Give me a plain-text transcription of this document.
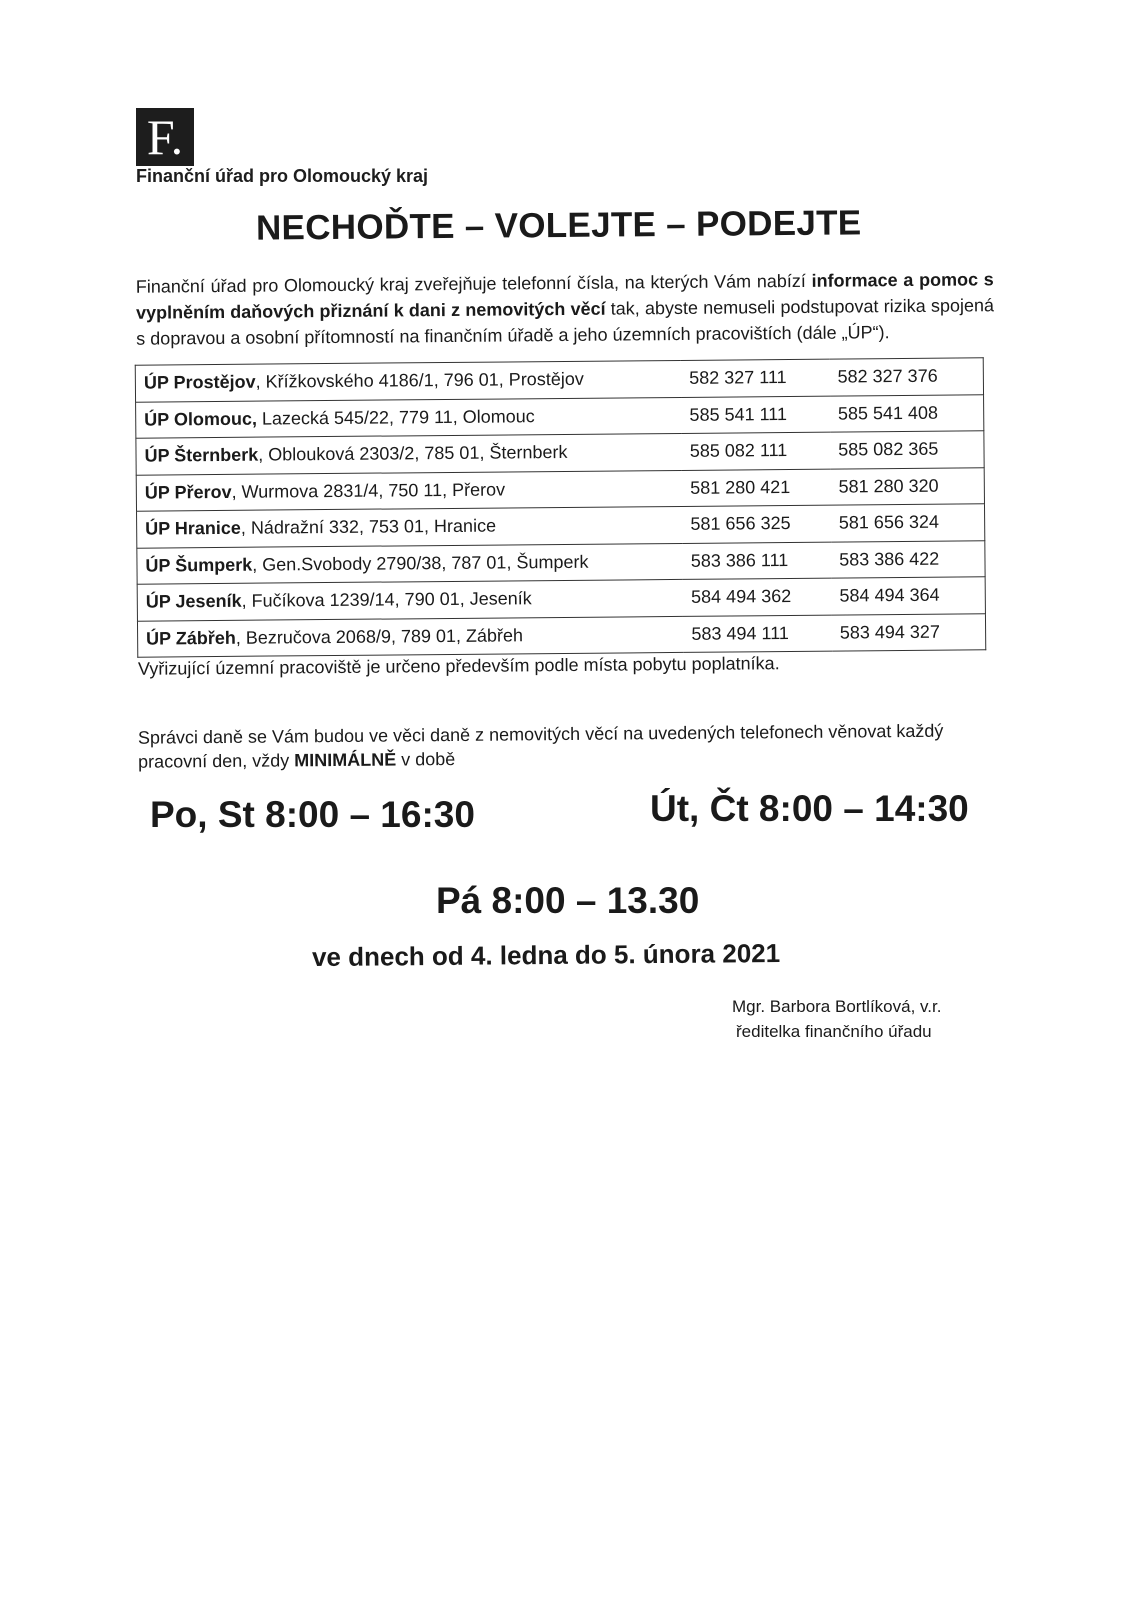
F.
Finanční úřad pro Olomoucký kraj
NECHOĎTE – VOLEJTE – PODEJTE
Finanční úřad pro Olomoucký kraj zveřejňuje telefonní čísla, na kterých Vám nabízí informace a pomoc s vyplněním daňových přiznání k dani z nemovitých věcí tak, abyste nemuseli podstupovat rizika spojená s dopravou a osobní přítomností na finančním úřadě a jeho územních pracovištích (dále „ÚP“).
ÚP Prostějov, Křížkovského 4186/1, 796 01, Prostějov	582 327 111	582 327 376
ÚP Olomouc, Lazecká 545/22, 779 11, Olomouc	585 541 111	585 541 408
ÚP Šternberk, Oblouková 2303/2, 785 01, Šternberk	585 082 111	585 082 365
ÚP Přerov, Wurmova 2831/4, 750 11, Přerov	581 280 421	581 280 320
ÚP Hranice, Nádražní 332, 753 01, Hranice	581 656 325	581 656 324
ÚP Šumperk, Gen.Svobody 2790/38, 787 01, Šumperk	583 386 111	583 386 422
ÚP Jeseník, Fučíkova 1239/14, 790 01, Jeseník	584 494 362	584 494 364
ÚP Zábřeh, Bezručova 2068/9, 789 01, Zábřeh	583 494 111	583 494 327
Vyřizující územní pracoviště je určeno především podle místa pobytu poplatníka.
Správci daně se Vám budou ve věci daně z nemovitých věcí na uvedených telefonech věnovat každý pracovní den, vždy MINIMÁLNĚ v době
Po, St 8:00 – 16:30	Út, Čt 8:00 – 14:30
Pá 8:00 – 13.30
ve dnech od 4. ledna do 5. února 2021
Mgr. Barbora Bortlíková, v.r.
ředitelka finančního úřadu
